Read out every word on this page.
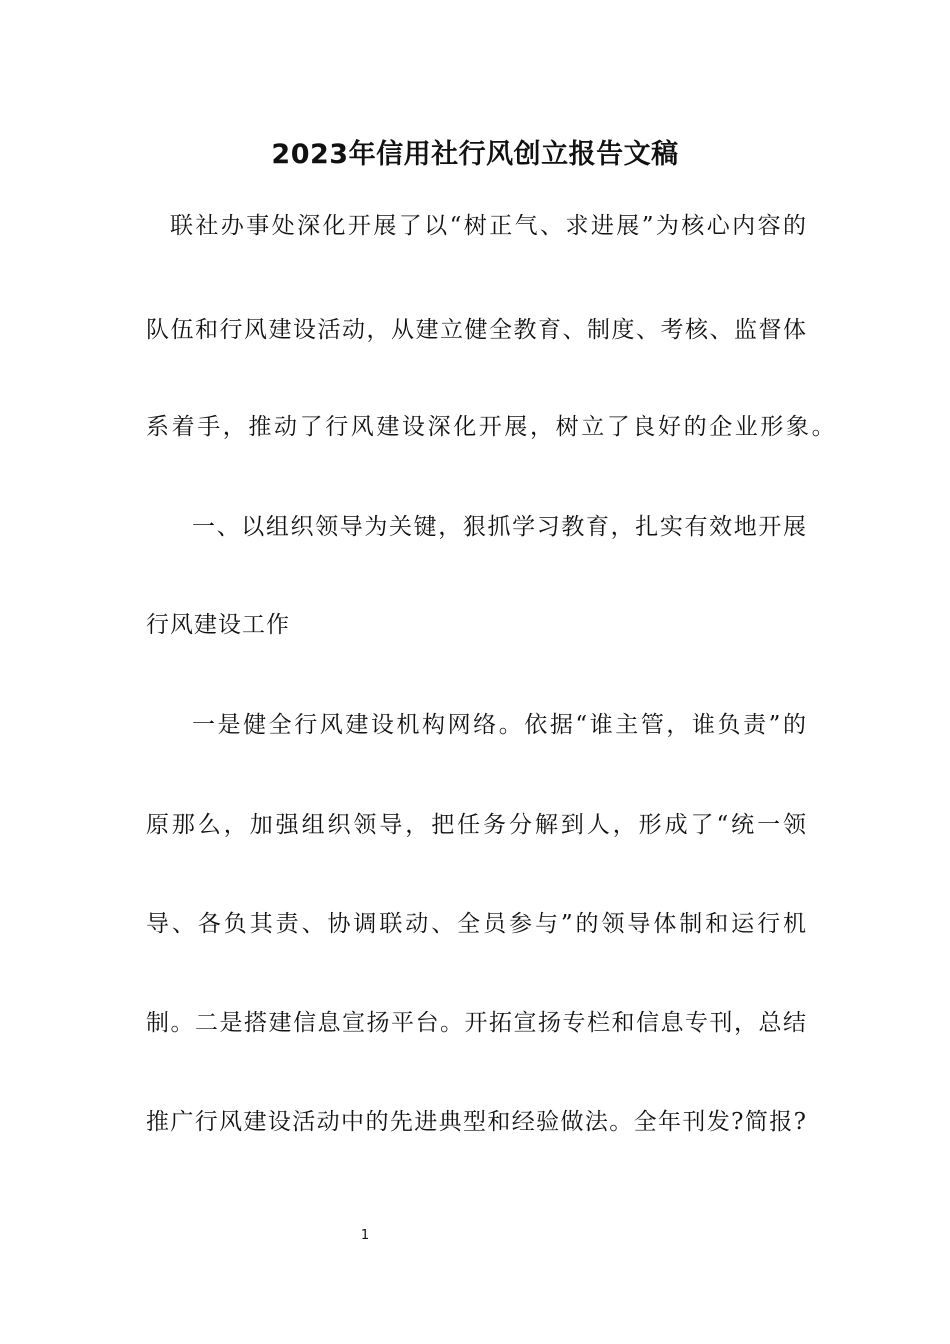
2023年信用社行风创立报告文稿
联社办事处深化开展了以“树正气、求进展”为核心内容的
队伍和行风建设活动，从建立健全教育、制度、考核、监督体
系着手，推动了行风建设深化开展，树立了良好的企业形象。
一、以组织领导为关键，狠抓学习教育，扎实有效地开展
行风建设工作
一是健全行风建设机构网络。依据“谁主管，谁负责”的
原那么，加强组织领导，把任务分解到人，形成了“统一领
导、各负其责、协调联动、全员参与”的领导体制和运行机
制。二是搭建信息宣扬平台。开拓宣扬专栏和信息专刊，总结
推广行风建设活动中的先进典型和经验做法。全年刊发?简报?
1
